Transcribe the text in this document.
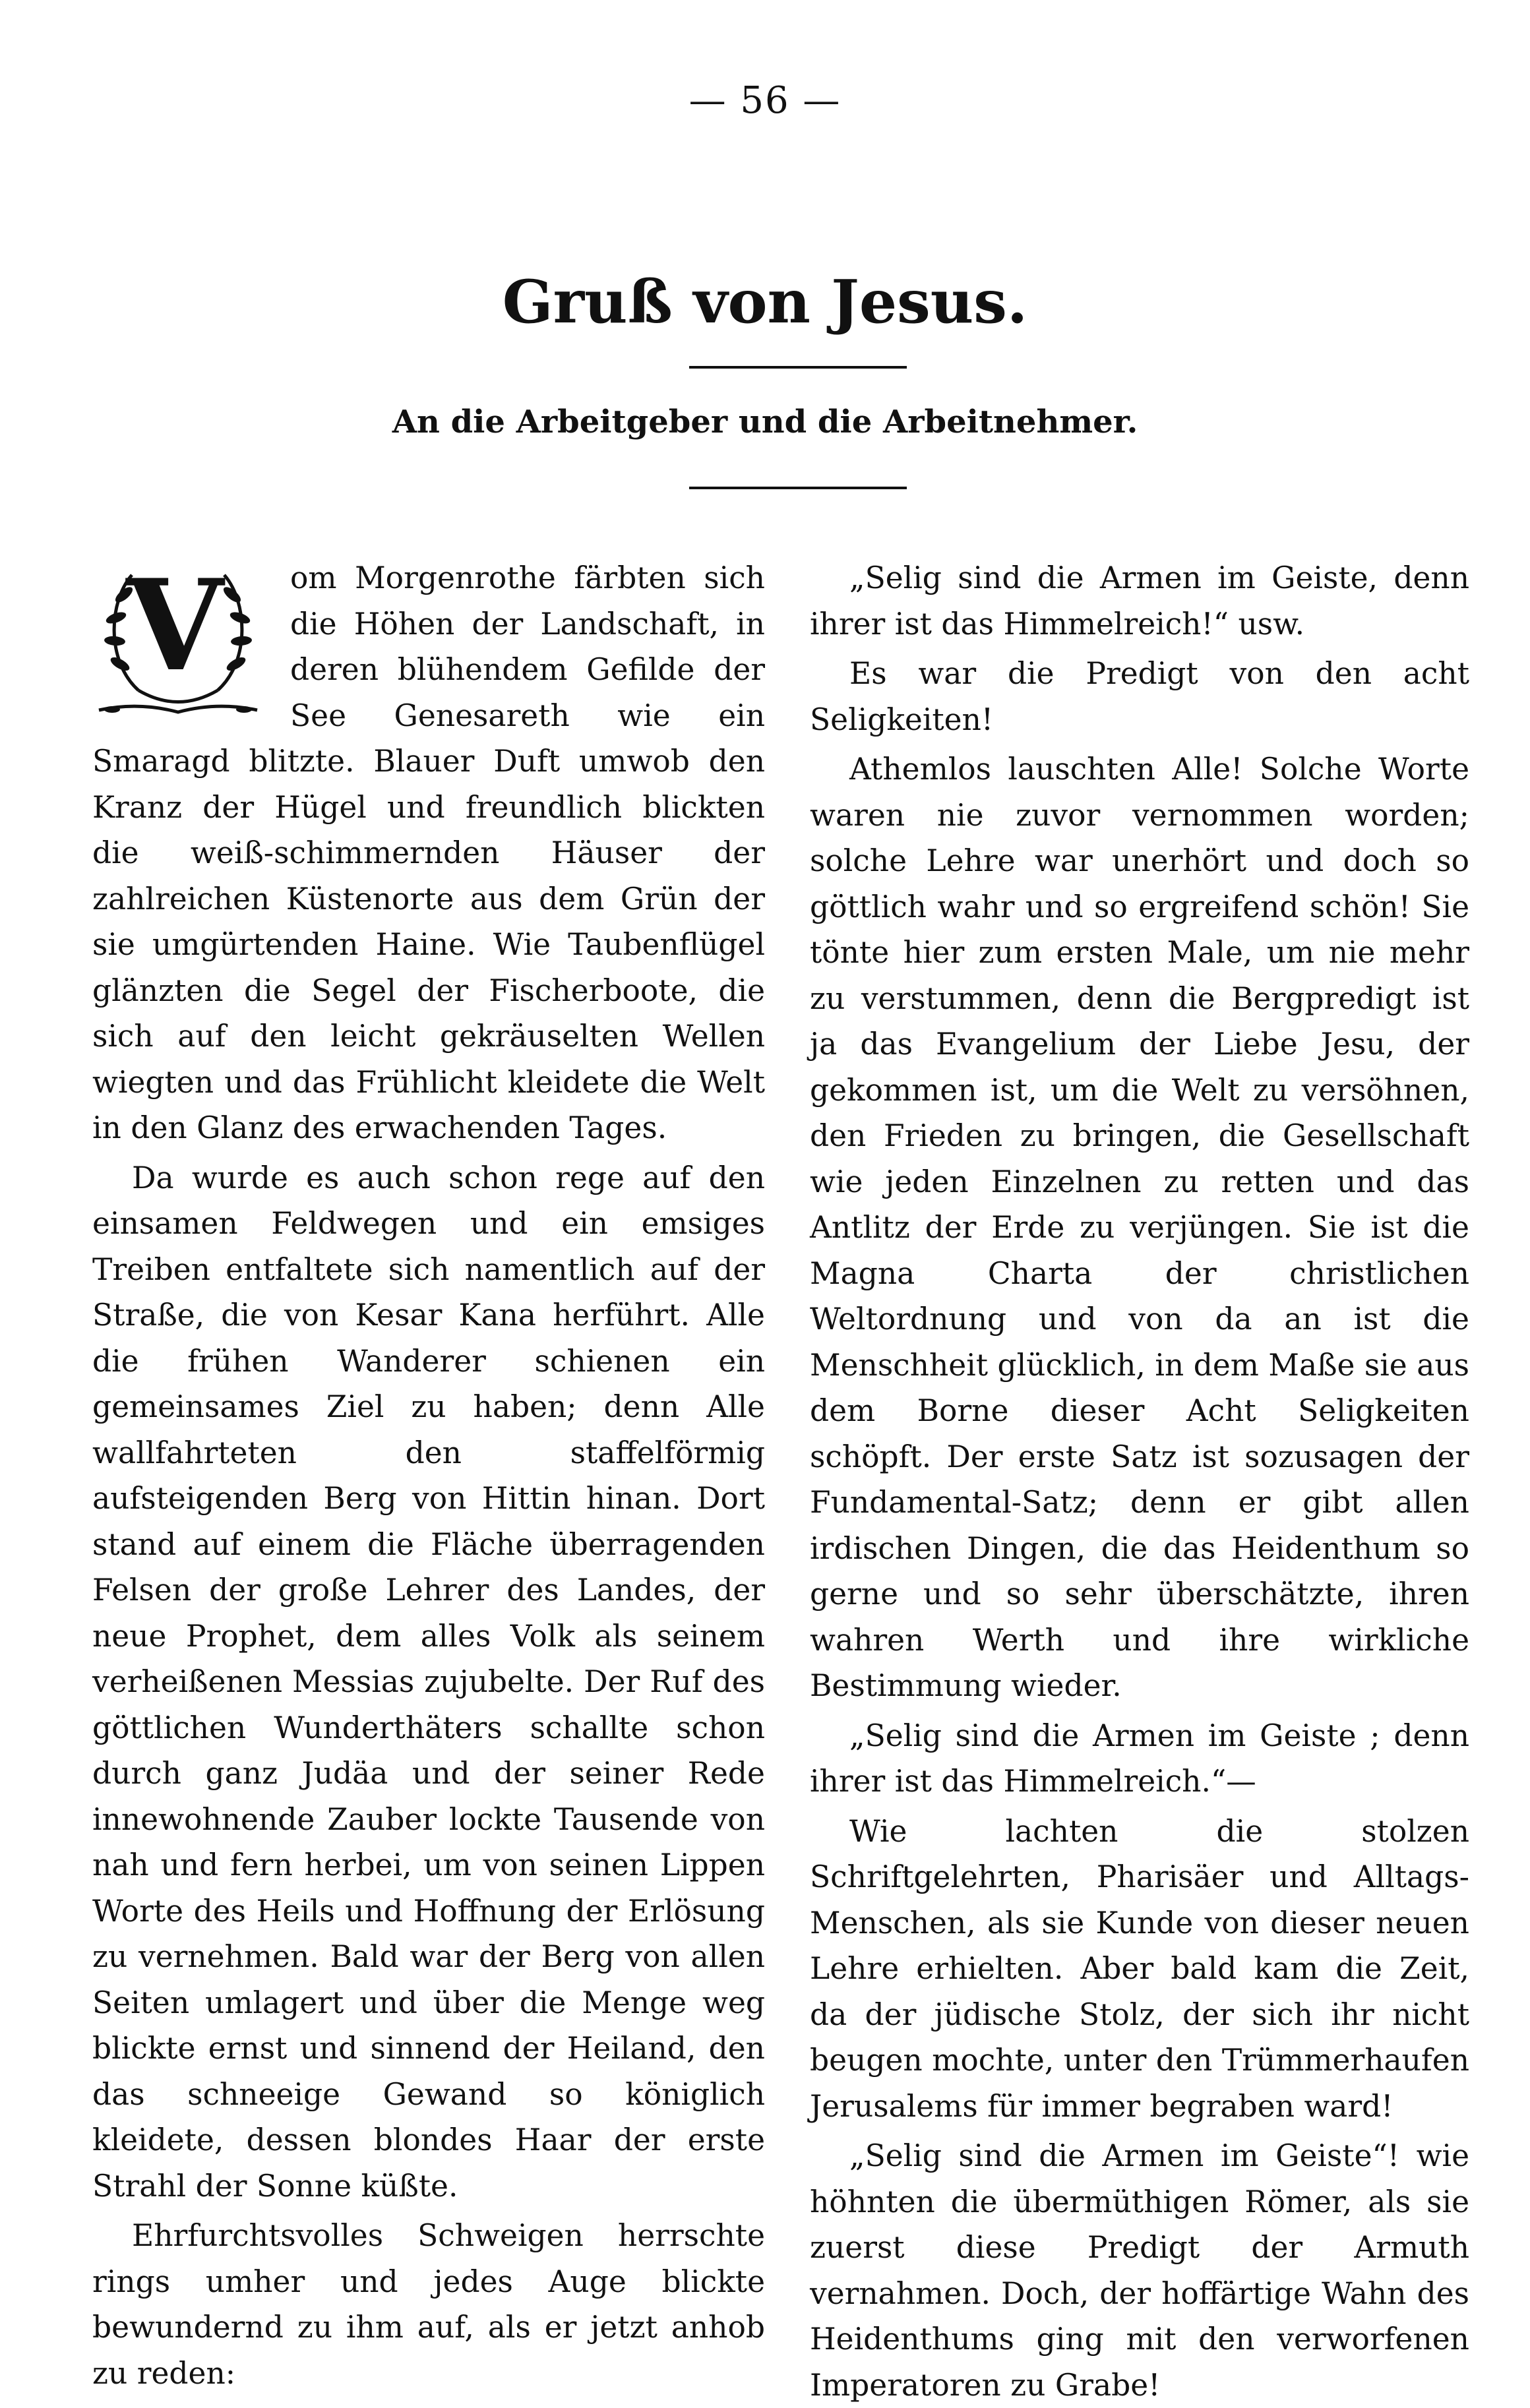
— 56 —
Gruß von Jesus.
An die Arbeitgeber und die Arbeitnehmer.

V	om Morgenrothe färbten sich die Höhen der Landschaft, in deren blühendem Gefilde der See Genesareth wie ein Smaragd blitzte. Blauer Duft umwob den Kranz der Hügel und freundlich blickten die weiß-schimmernden Häuser der zahlreichen Küstenorte aus dem Grün der sie umgürtenden Haine. Wie Taubenflügel glänzten die Segel der Fischerboote, die sich auf den leicht gekräuselten Wellen wiegten und das Frühlicht kleidete die Welt in den Glanz des erwachenden Tages.

Da wurde es auch schon rege auf den einsamen Feldwegen und ein emsiges Treiben entfaltete sich namentlich auf der Straße, die von Kesar Kana herführt. Alle die frühen Wanderer schienen ein gemeinsames Ziel zu haben; denn Alle wallfahrteten den staffelförmig aufsteigenden Berg von Hittin hinan. Dort stand auf einem die Fläche überragenden Felsen der große Lehrer des Landes, der neue Prophet, dem alles Volk als seinem verheißenen Messias zujubelte. Der Ruf des göttlichen Wunderthäters schallte schon durch ganz Judäa und der seiner Rede innewohnende Zauber lockte Tausende von nah und fern herbei, um von seinen Lippen Worte des Heils und Hoffnung der Erlösung zu vernehmen. Bald war der Berg von allen Seiten umlagert und über die Menge weg blickte ernst und sinnend der Heiland, den das schneeige Gewand so königlich kleidete, dessen blondes Haar der erste Strahl der Sonne küßte.

Ehrfurchtsvolles Schweigen herrschte rings umher und jedes Auge blickte bewundernd zu ihm auf, als er jetzt anhob zu reden:

„Selig sind die Armen im Geiste, denn ihrer ist das Himmelreich!“ usw.

Es war die Predigt von den acht Seligkeiten!

Athemlos lauschten Alle! Solche Worte waren nie zuvor vernommen worden; solche Lehre war unerhört und doch so göttlich wahr und so ergreifend schön! Sie tönte hier zum ersten Male, um nie mehr zu verstummen, denn die Bergpredigt ist ja das Evangelium der Liebe Jesu, der gekommen ist, um die Welt zu versöhnen, den Frieden zu bringen, die Gesellschaft wie jeden Einzelnen zu retten und das Antlitz der Erde zu verjüngen. Sie ist die Magna Charta der christlichen Weltordnung und von da an ist die Menschheit glücklich, in dem Maße sie aus dem Borne dieser Acht Seligkeiten schöpft. Der erste Satz ist sozusagen der Fundamental-Satz; denn er gibt allen irdischen Dingen, die das Heidenthum so gerne und so sehr überschätzte, ihren wahren Werth und ihre wirkliche Bestimmung wieder.

„Selig sind die Armen im Geiste ; denn ihrer ist das Himmelreich.“—

Wie lachten die stolzen Schriftgelehrten, Pharisäer und Alltags-Menschen, als sie Kunde von dieser neuen Lehre erhielten. Aber bald kam die Zeit, da der jüdische Stolz, der sich ihr nicht beugen mochte, unter den Trümmerhaufen Jerusalems für immer begraben ward!

„Selig sind die Armen im Geiste“! wie höhnten die übermüthigen Römer, als sie zuerst diese Predigt der Armuth vernahmen. Doch, der hoffärtige Wahn des Heidenthums ging mit den verworfenen Imperatoren zu Grabe!
